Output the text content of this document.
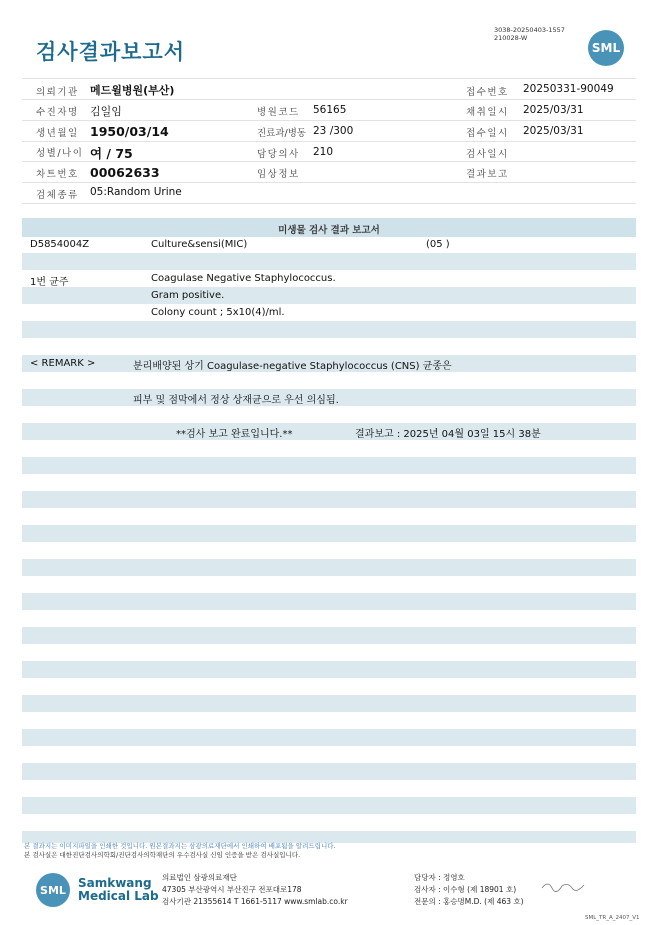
검사결과보고서
3038-20250403-1557
210028-W
SML
의뢰기관 메드윌병원(부산)	접수번호 20250331-90049
수진자명 김일임	병원코드 56165	채취일시 2025/03/31
생년월일 1950/03/14	진료과/병동 23 /300	접수일시 2025/03/31
성별/나이 여 / 75	담당의사 210	검사일시
차트번호 00062633	임상정보	결과보고
검체종류 05:Random Urine
미생물 검사 결과 보고서
D5854004Z	Culture&sensi(MIC)	(05 )
1번 균주	Coagulase Negative Staphylococcus.
Gram positive.
Colony count ; 5x10(4)/ml.
< REMARK >	분리배양된 상기 Coagulase-negative Staphylococcus (CNS) 균종은
피부 및 점막에서 정상 상재균으로 우선 의심됨.
**검사 보고 완료입니다.**	결과보고 : 2025년 04월 03일 15시 38분
본 결과지는 이미지파일을 인쇄한 것입니다. 원본결과지는 삼광의료재단에서 인쇄하여 배포됨을 알려드립니다.
본 검사실은 대한진단검사의학회/진단검사의학재단의 우수검사실 신임 인증을 받은 검사실입니다.
SML
Samkwang
Medical Lab
의료법인 삼광의료재단
47305 부산광역시 부산진구 전포대로178
검사기관 21355614 T 1661-5117 www.smlab.co.kr
담당자 : 정영호
검사자 : 이수형 (제 18901 호)
전문의 : 홍승명M.D. (제 463 호)
SML_TR_A_2407_V1
